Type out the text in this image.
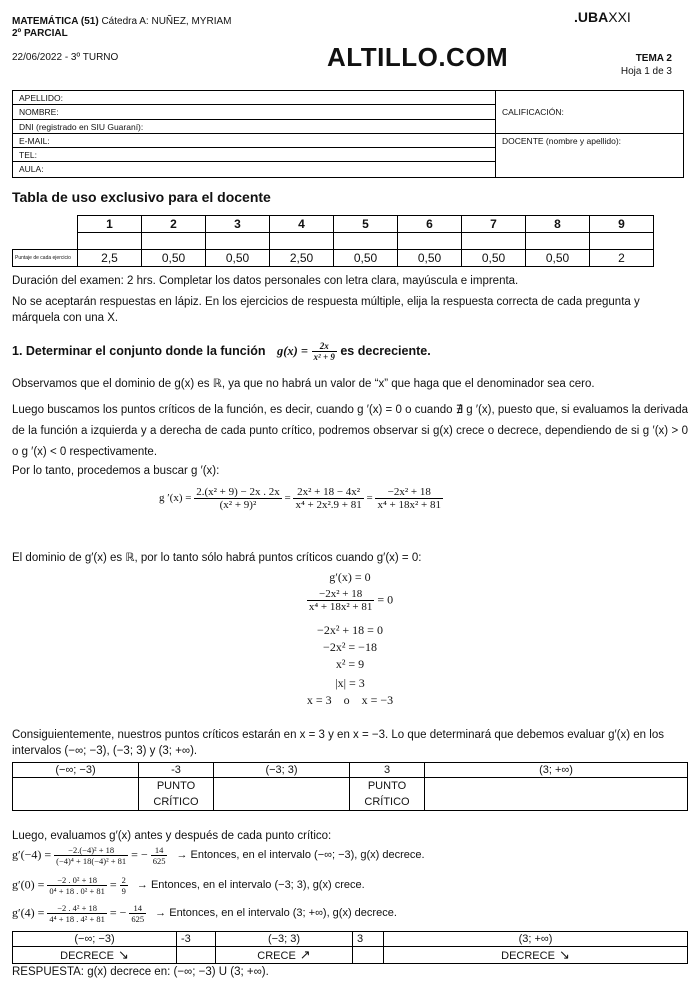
MATEMÁTICA (51) Cátedra A: NUÑEZ, MYRIAM
2º PARCIAL
22/06/2022 - 3º TURNO	ALTILLO.COM
.UBAXXI
TEMA 2
Hoja 1 de 3
APELLIDO:
NOMBRE:
DNI (registrado en SIU Guaraní):
E-MAIL:
TEL:
AULA:
CALIFICACIÓN:
DOCENTE (nombre y apellido):
Tabla de uso exclusivo para el docente
	1	2	3	4	5	6	7	8	9

Puntaje de cada ejercicio	2,5	0,50	0,50	2,50	0,50	0,50	0,50	0,50	2
Duración del examen: 2 hrs. Completar los datos personales con letra clara, mayúscula e imprenta.
No se aceptarán respuestas en lápiz. En los ejercicios de respuesta múltiple, elija la respuesta correcta de cada pregunta y márquela con una X.
1. Determinar el conjunto donde la función $g(x) = \frac{2x}{\text{x² + 9}}$ es decreciente.
Observamos que el dominio de g(x) es ℝ, ya que no habrá un valor de “x” que haga que el denominador sea cero.
Luego buscamos los puntos críticos de la función, es decir, cuando g ′(x) = 0 o cuando ∄ g ′(x), puesto que, si evaluamos la derivada de la función a izquierda y a derecha de cada punto crítico, podremos observar si g(x) crece o decrece, dependiendo de si g ′(x) > 0 o g ′(x) < 0 respectivamente.
Por lo tanto, procedemos a buscar g ′(x):
g $'(x) = \frac{\text{2.(x² + 9) − 2x . 2x}}{\text{(x² + 9)²}} = \frac{\text{2x² + 18 − 4x²}}{\text{x⁴ + 2x².9 + 81}} = \frac{\text{−2x² + 18}}{\text{x⁴ + 18x² + 81}}$
El dominio de g′(x) es ℝ, por lo tanto sólo habrá puntos críticos cuando g′(x) = 0:
g′(x) = 0
$\frac{\text{−2x² + 18}}{\text{x⁴ + 18x² + 81}} = 0$
−2x² + 18 = 0
−2x² = −18
x² = 9
|x| = 3
x = 3    o    x = −3
Consiguientemente, nuestros puntos críticos estarán en x = 3 y en x = −3. Lo que determinará que debemos evaluar g′(x) en los intervalos (−∞; −3), (−3; 3) y (3; +∞).
(−∞; −3)	-3	(−3; 3)	3	(3; +∞)
	PUNTO CRÍTICO		PUNTO CRÍTICO	
Luego, evaluamos g′(x) antes y después de cada punto crítico:
$g'(-4) = \frac{\text{−2.(−4)² + 18}}{\text{(−4)⁴ + 18(−4)² + 81}}$ = − $\frac{14}{625}$ → Entonces, en el intervalo (−∞; −3), g(x) decrece.
$g'(0) = \frac{\text{−2 . 0² + 18}}{\text{0⁴ + 18 . 0² + 81}} = \frac{2}{9}$ → Entonces, en el intervalo (−3; 3), g(x) crece.
$g'(4) = \frac{\text{−2 . 4² + 18}}{\text{4⁴ + 18 . 4² + 81}}$ = − $\frac{14}{625}$ → Entonces, en el intervalo (3; +∞), g(x) decrece.
(−∞; −3)	-3	(−3; 3)	3	(3; +∞)
DECRECE ↘		CRECE ↗		DECRECE ↘
RESPUESTA: g(x) decrece en: (−∞; −3) U (3; +∞).
